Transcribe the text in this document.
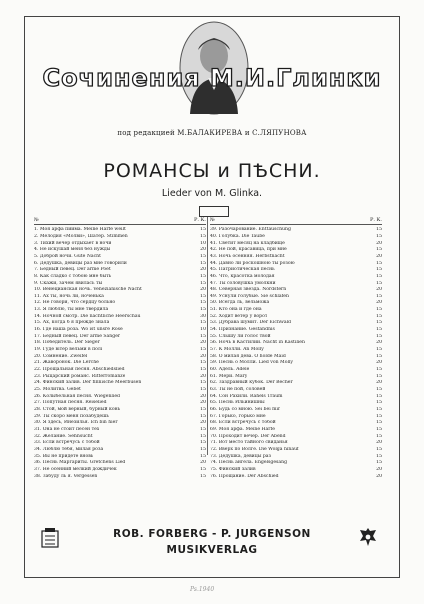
Сочинения М.И.Глинки
под редакцией М.БАЛАКИРЕВА и С.ЛЯПУНОВА
РОМАНСЫ и ПѢСНИ.
Lieder von M. Glinka.
№	Р. К.
1. Моя арфа пиима. Meine Harfe weilt	15
2. Мелодия «Молви», Шатёр. Stimmen	15
3. Тихий вечер отдыхает в ночи	10
4. Не искушай меня без нужды	20
5. Доброй ночи. Gute Nacht	15
6. Дедушка, девицы раз мне говорили	15
7. Бедный певец. Der arme Poet	20
8. Как сладко с тобою мне быть	15
9. Скажи, зачем явилась ты	15
10. Венецианская ночь. Venezianische Nacht	20
11. Ах ты, ночь ли, ноченька	15
12. Не говори, что сердцу больно	15
13. Я люблю, ты мне твердила	15
14. Ночной смотр. Die nächtliche Heerschau	30
15. Ах, когда б я прежде знала	15
16. Где наша роза. Wo ist unsre Rose	10
17. Бедный певец. Der arme Sänger	15
18. Победитель. Der Sieger	20
19. Гуде вітер вельми в полі	15
20. Сомнение. Zweifel	20
21. Жаворонок. Die Lerche	15
22. Прощальная песня. Abschiedslied	15
23. Рыцарский романс. Ritterromanze	20
24. Финский залив. Der finnische Meerbusen	15
25. Молитва. Gebet	15
26. Колыбельная песня. Wiegenlied	20
27. Попутная песня. Reiselied	20
28. Стой, мой верный, бурный конь	15
29. Ты скоро меня позабудешь	15
30. Я здесь, Инезилья. Ich bin hier	20
31. Она не стоит песен тех	15
32. Желание. Sehnsucht	15
33. Если встречусь с тобой	15
34. Люблю тебя, милая роза	15
35. Вы не придёте вновь	15
36. Песнь Маргариты. Gretchens Lied	20
37. Не осенний мелкий дождичек	15
38. Забуду ль я. Vergessen	15
№	Р. К.
39. Разочарование. Enttäuschung	15
40. Голубка. Die Taube	15
41. Светит месяц на кладбище	20
42. Не пой, красавица, при мне	15
43. Ночь осенняя. Herbstnacht	20
44. Давно ли роскошною ты розою	15
45. Патриотическая песнь	15
46. Что, красотка молодая	15
47. Ты соловушка умолкни	15
48. Северная звезда. Nordstern	20
49. Уснули голубые. Sie schlafen	15
50. Всегда ль, вельможа	20
51. Кто она и где она	15
52. Ходит ветер у ворот	15
53. Дубрава шумит. Der Eichwald	15
54. Признание. Geständnis	15
55. Слышу ли голос твой	15
56. Ночь в Кастилии. Nacht in Kastilien	20
57. К Молли. An Molly	15
58. О милая дева. O holde Maid	15
59. Песнь о Молли. Lied von Molly	20
60. Адель. Adele	15
61. Мери. Mary	15
62. Заздравный кубок. Der Becher	20
63. Ты не пой, соловей	15
64. Сон Рахили. Rahels Traum	15
65. Песнь Ильинишны	15
66. Будь со мною. Sei bei mir	15
67. Горько, горько мне	15
68. Если встречусь с тобой	15
69. Моя арфа. Meine Harfe	15
70. Проходит вечер. Der Abend	15
71. Вот место тайного свиданья	20
72. Вверх по Волге. Die Wolga hinauf	15
73. Дедушка, девицы раз	15
74. Песнь ангела. Engelsgesang	15
75. Финский залив	20
76. Прощание. Der Abschied	20
ROB. FORBERG - P. JURGENSON
MUSIKVERLAG
Ps.1940
